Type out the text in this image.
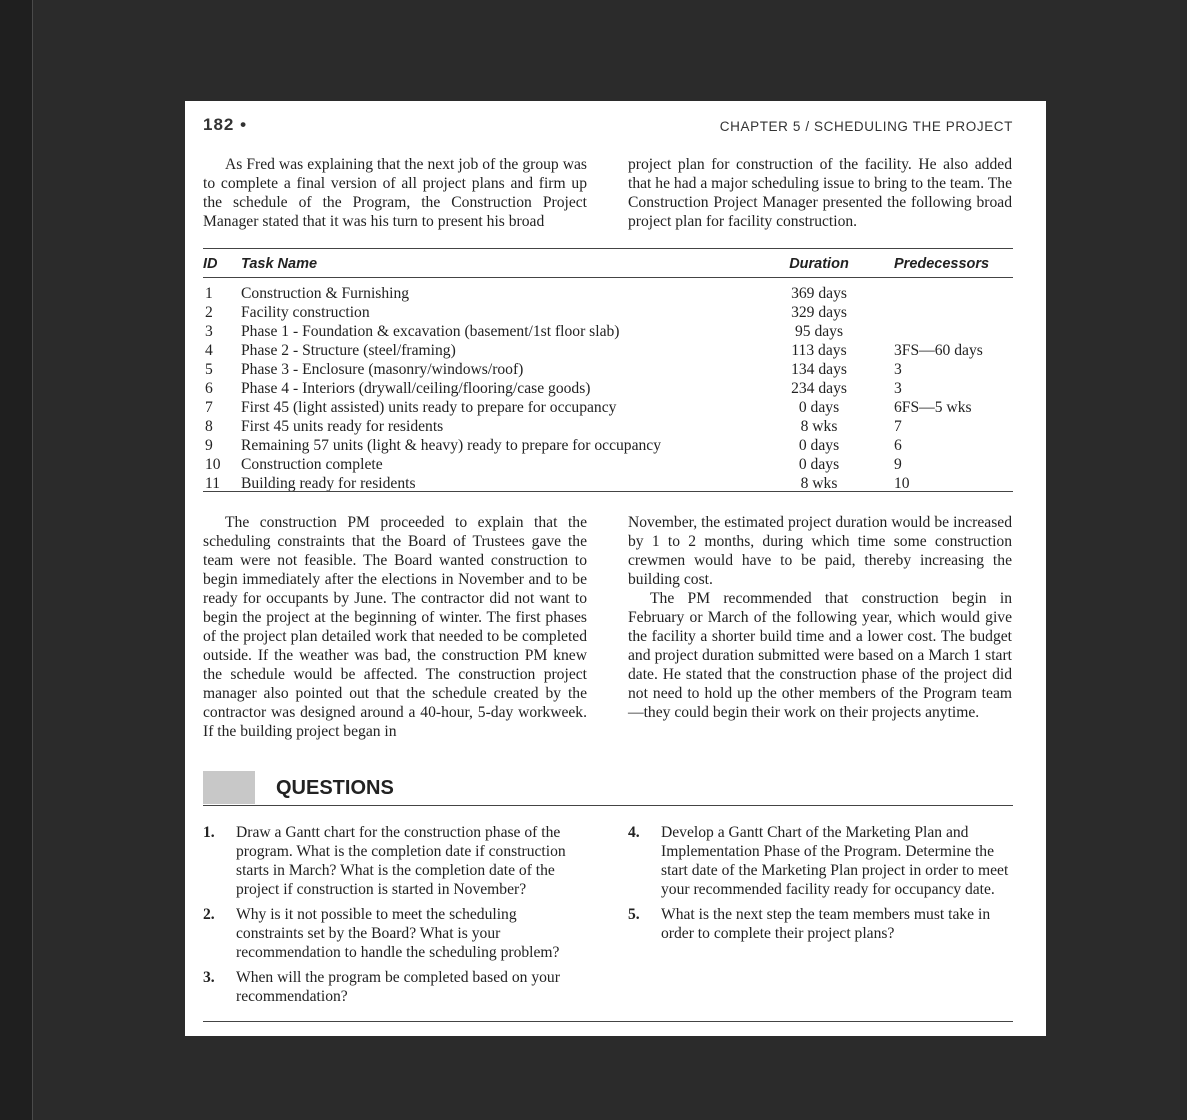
182 •	CHAPTER 5 / SCHEDULING THE PROJECT

As Fred was explaining that the next job of the group was to complete a final version of all project plans and firm up the schedule of the Program, the Construction Project Manager stated that it was his turn to present his broad

project plan for construction of the facility. He also added that he had a major scheduling issue to bring to the team. The Construction Project Manager presented the following broad project plan for facility construction.

ID	Task Name	Duration	Predecessors

1	Construction & Furnishing	369 days	
2	Facility construction	329 days	
3	Phase 1 - Foundation & excavation (basement/1st floor slab)	95 days	
4	Phase 2 - Structure (steel/framing)	113 days	3FS—60 days
5	Phase 3 - Enclosure (masonry/windows/roof)	134 days	3
6	Phase 4 - Interiors (drywall/ceiling/flooring/case goods)	234 days	3
7	First 45 (light assisted) units ready to prepare for occupancy	0 days	6FS—5 wks
8	First 45 units ready for residents	8 wks	7
9	Remaining 57 units (light & heavy) ready to prepare for occupancy	0 days	6
10	Construction complete	0 days	9
11	Building ready for residents	8 wks	10

The construction PM proceeded to explain that the scheduling constraints that the Board of Trustees gave the team were not feasible. The Board wanted construction to begin immediately after the elections in November and to be ready for occupants by June. The contractor did not want to begin the project at the beginning of winter. The first phases of the project plan detailed work that needed to be completed outside. If the weather was bad, the construction PM knew the schedule would be affected. The construction project manager also pointed out that the schedule created by the contractor was designed around a 40-hour, 5-day workweek. If the building project began in

November, the estimated project duration would be increased by 1 to 2 months, during which time some construction crewmen would have to be paid, thereby increasing the building cost.

The PM recommended that construction begin in February or March of the following year, which would give the facility a shorter build time and a lower cost. The budget and project duration submitted were based on a March 1 start date. He stated that the construction phase of the project did not need to hold up the other members of the Program team—they could begin their work on their projects anytime.

QUESTIONS
1. Draw a Gantt chart for the construction phase of the program. What is the completion date if construction starts in March? What is the completion date of the project if construction is started in November?
2. Why is it not possible to meet the scheduling constraints set by the Board? What is your recommendation to handle the scheduling problem?
3. When will the program be completed based on your recommendation?
4. Develop a Gantt Chart of the Marketing Plan and Implementation Phase of the Program. Determine the start date of the Marketing Plan project in order to meet your recommended facility ready for occupancy date.
5. What is the next step the team members must take in order to complete their project plans?
